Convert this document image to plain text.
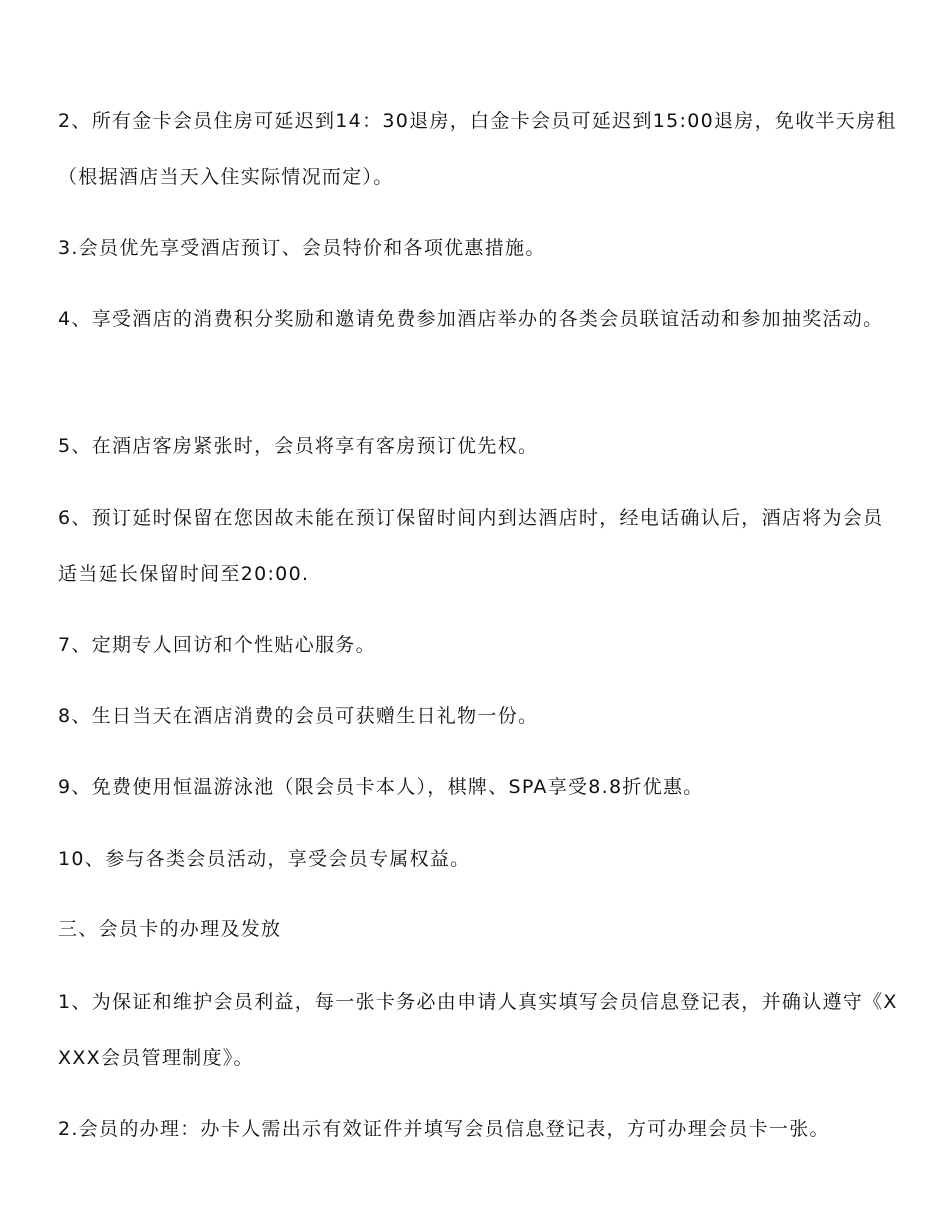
2、所有金卡会员住房可延迟到14：30退房，白金卡会员可延迟到15:00退房，免收半天房租（根据酒店当天入住实际情况而定）。

3.会员优先享受酒店预订、会员特价和各项优惠措施。

4、享受酒店的消费积分奖励和邀请免费参加酒店举办的各类会员联谊活动和参加抽奖活动。

5、在酒店客房紧张时，会员将享有客房预订优先权。

6、预订延时保留在您因故未能在预订保留时间内到达酒店时，经电话确认后，酒店将为会员适当延长保留时间至20:00.

7、定期专人回访和个性贴心服务。

8、生日当天在酒店消费的会员可获赠生日礼物一份。

9、免费使用恒温游泳池（限会员卡本人），棋牌、SPA享受8.8折优惠。

10、参与各类会员活动，享受会员专属权益。

三、会员卡的办理及发放

1、为保证和维护会员利益，每一张卡务必由申请人真实填写会员信息登记表，并确认遵守《XXXX会员管理制度》。

2.会员的办理：办卡人需出示有效证件并填写会员信息登记表，方可办理会员卡一张。
